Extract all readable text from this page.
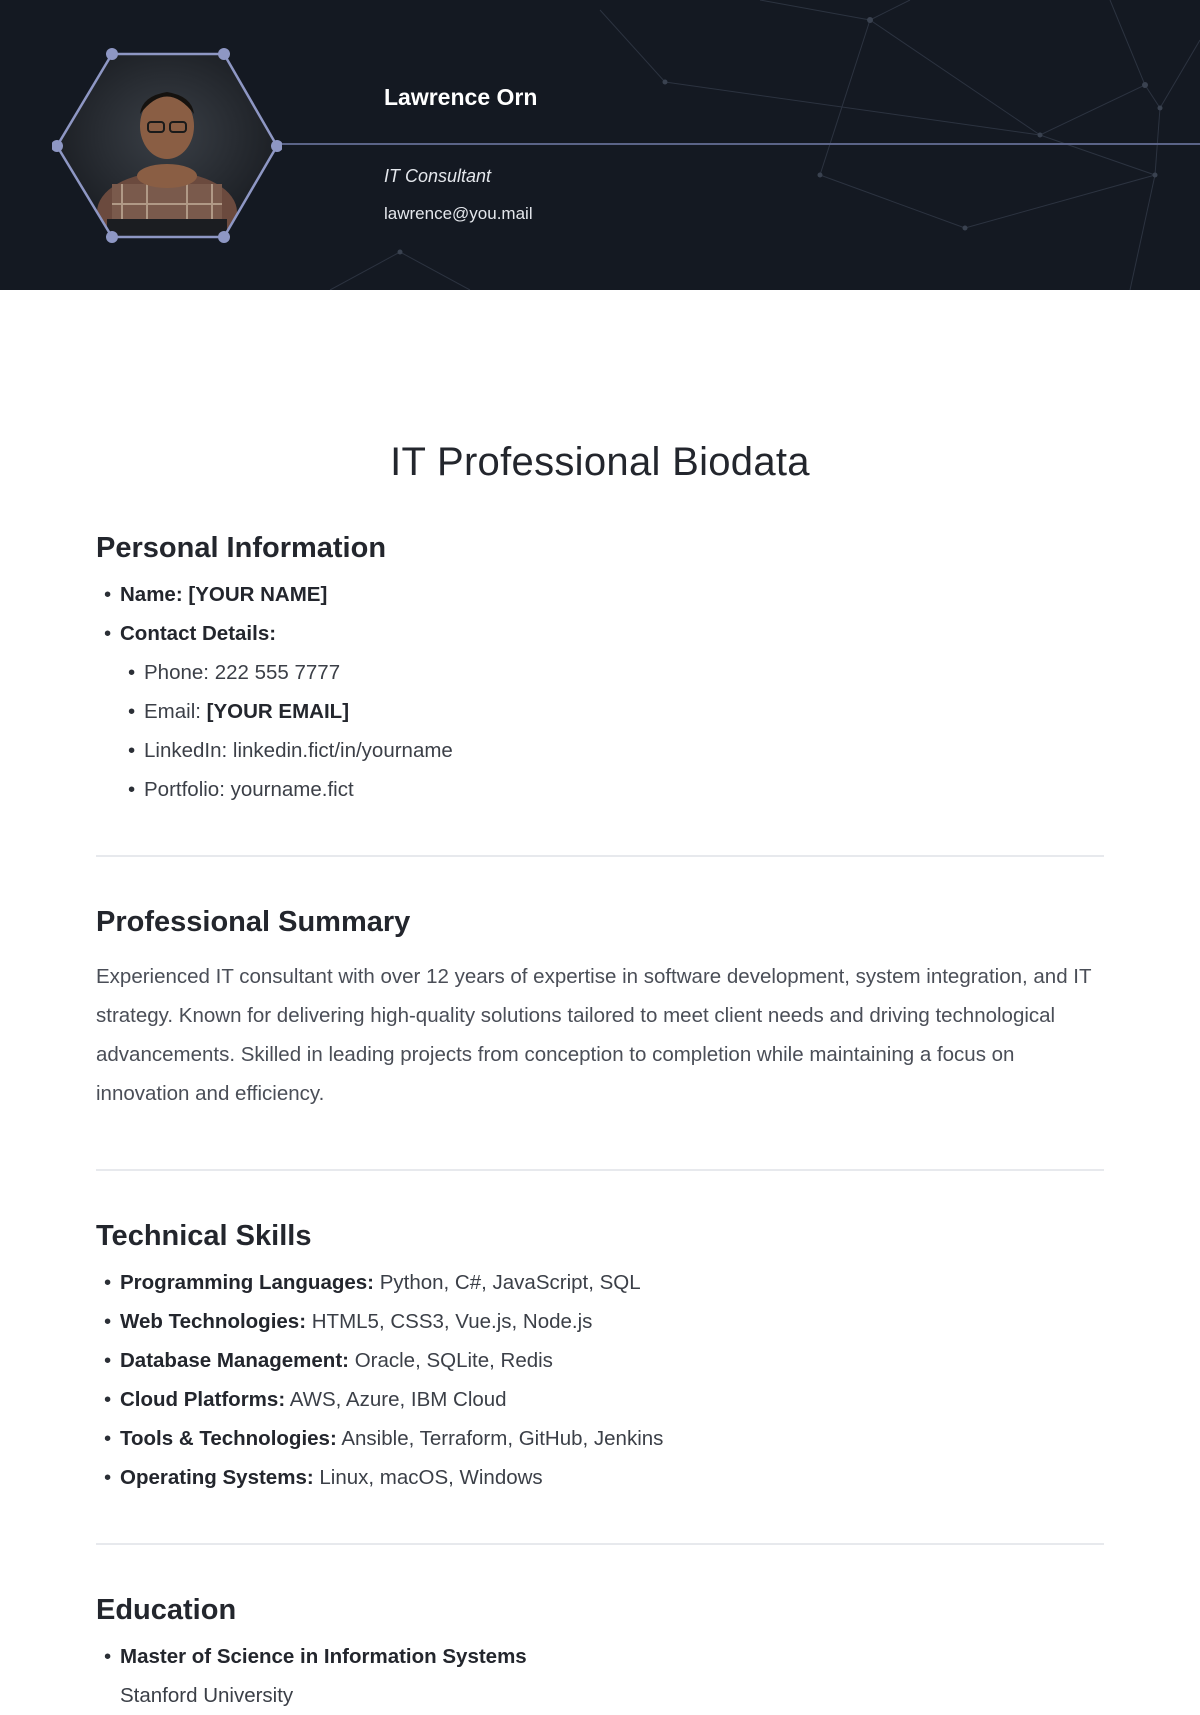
Lawrence Orn

IT Consultant

lawrence@you.mail

IT Professional Biodata
Personal Information
• Name: [YOUR NAME]
• Contact Details:
• Phone: 222 555 7777
• Email: [YOUR EMAIL]
• LinkedIn: linkedin.fict/in/yourname
• Portfolio: yourname.fict
Professional Summary

Experienced IT consultant with over 12 years of expertise in software development, system integration, and IT strategy. Known for delivering high-quality solutions tailored to meet client needs and driving technological advancements. Skilled in leading projects from conception to completion while maintaining a focus on innovation and efficiency.

Technical Skills
• Programming Languages: Python, C#, JavaScript, SQL
• Web Technologies: HTML5, CSS3, Vue.js, Node.js
• Database Management: Oracle, SQLite, Redis
• Cloud Platforms: AWS, Azure, IBM Cloud
• Tools & Technologies: Ansible, Terraform, GitHub, Jenkins
• Operating Systems: Linux, macOS, Windows
Education
• Master of Science in Information Systems
Stanford University
